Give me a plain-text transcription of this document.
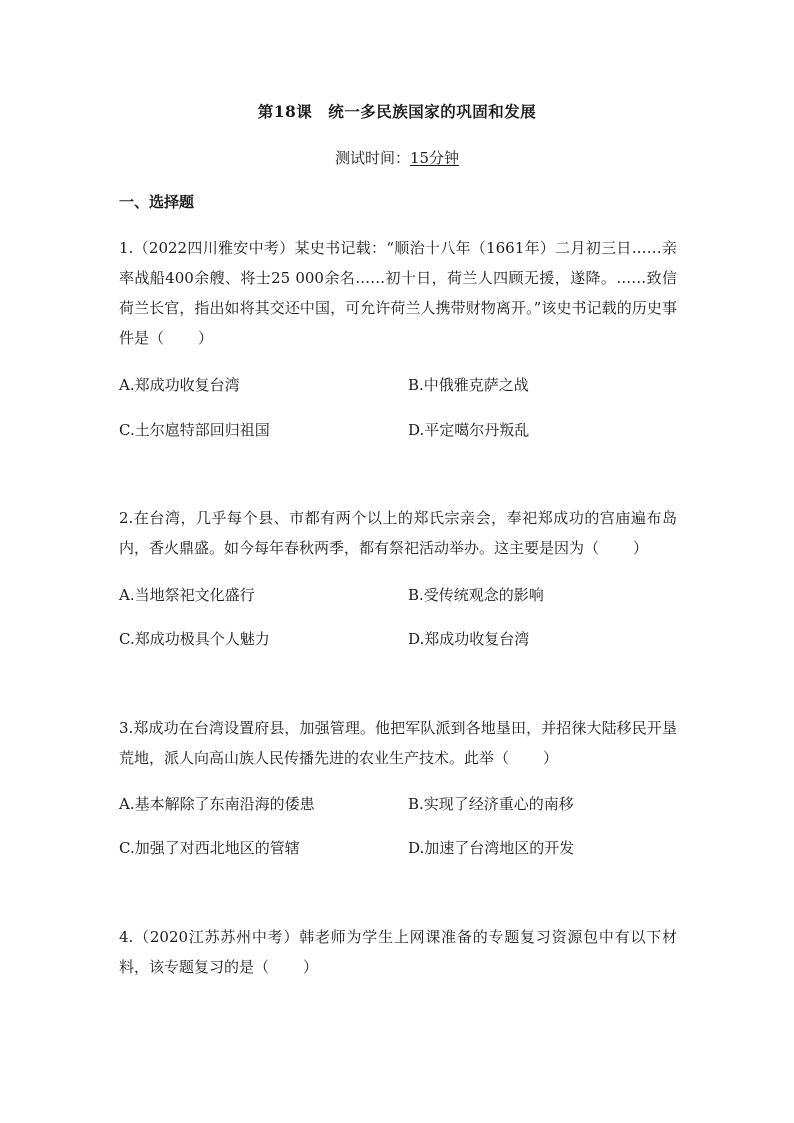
第18课　统一多民族国家的巩固和发展
测试时间：15分钟
一、选择题
1.（2022四川雅安中考）某史书记载：“顺治十八年（1661年）二月初三日……亲率战船400余艘、将士25 000余名……初十日，荷兰人四顾无援，遂降。……致信荷兰长官，指出如将其交还中国，可允许荷兰人携带财物离开。”该史书记载的历史事件是（ ）
A.郑成功收复台湾	B.中俄雅克萨之战
C.土尔扈特部回归祖国	D.平定噶尔丹叛乱
2.在台湾，几乎每个县、市都有两个以上的郑氏宗亲会，奉祀郑成功的宫庙遍布岛内，香火鼎盛。如今每年春秋两季，都有祭祀活动举办。这主要是因为（ ）
A.当地祭祀文化盛行	B.受传统观念的影响
C.郑成功极具个人魅力	D.郑成功收复台湾
3.郑成功在台湾设置府县，加强管理。他把军队派到各地垦田，并招徕大陆移民开垦荒地，派人向高山族人民传播先进的农业生产技术。此举（ ）
A.基本解除了东南沿海的倭患	B.实现了经济重心的南移
C.加强了对西北地区的管辖	D.加速了台湾地区的开发
4.（2020江苏苏州中考）韩老师为学生上网课准备的专题复习资源包中有以下材料，该专题复习的是（ ）
